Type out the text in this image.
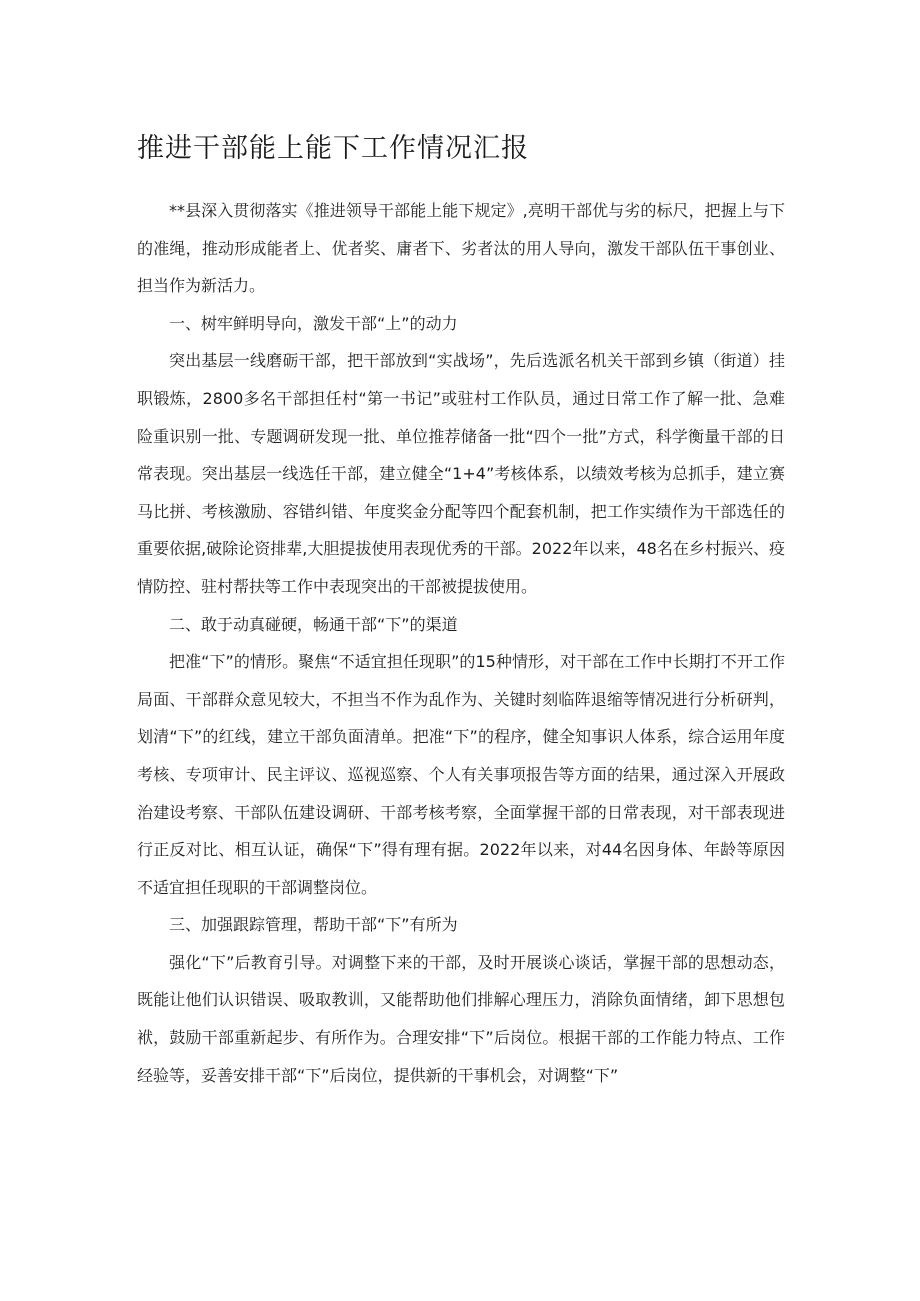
推进干部能上能下工作情况汇报

**县深入贯彻落实《推进领导干部能上能下规定》,亮明干部优与劣的标尺，把握上与下的准绳，推动形成能者上、优者奖、庸者下、劣者汰的用人导向，激发干部队伍干事创业、担当作为新活力。

一、树牢鲜明导向，激发干部“上”的动力

突出基层一线磨砺干部，把干部放到“实战场”，先后选派名机关干部到乡镇（街道）挂职锻炼，2800多名干部担任村“第一书记”或驻村工作队员，通过日常工作了解一批、急难险重识别一批、专题调研发现一批、单位推荐储备一批“四个一批”方式，科学衡量干部的日常表现。突出基层一线选任干部，建立健全“1+4”考核体系，以绩效考核为总抓手，建立赛马比拼、考核激励、容错纠错、年度奖金分配等四个配套机制，把工作实绩作为干部选任的重要依据,破除论资排辈,大胆提拔使用表现优秀的干部。2022年以来，48名在乡村振兴、疫情防控、驻村帮扶等工作中表现突出的干部被提拔使用。

二、敢于动真碰硬，畅通干部“下”的渠道

把准“下”的情形。聚焦“不适宜担任现职”的15种情形，对干部在工作中长期打不开工作局面、干部群众意见较大，不担当不作为乱作为、关键时刻临阵退缩等情况进行分析研判，划清“下”的红线，建立干部负面清单。把准“下”的程序，健全知事识人体系，综合运用年度考核、专项审计、民主评议、巡视巡察、个人有关事项报告等方面的结果，通过深入开展政治建设考察、干部队伍建设调研、干部考核考察，全面掌握干部的日常表现，对干部表现进行正反对比、相互认证，确保“下”得有理有据。2022年以来，对44名因身体、年龄等原因不适宜担任现职的干部调整岗位。

三、加强跟踪管理，帮助干部“下”有所为

强化“下”后教育引导。对调整下来的干部，及时开展谈心谈话，掌握干部的思想动态，既能让他们认识错误、吸取教训，又能帮助他们排解心理压力，消除负面情绪，卸下思想包袱，鼓励干部重新起步、有所作为。合理安排“下”后岗位。根据干部的工作能力特点、工作经验等，妥善安排干部“下”后岗位，提供新的干事机会，对调整“下”
